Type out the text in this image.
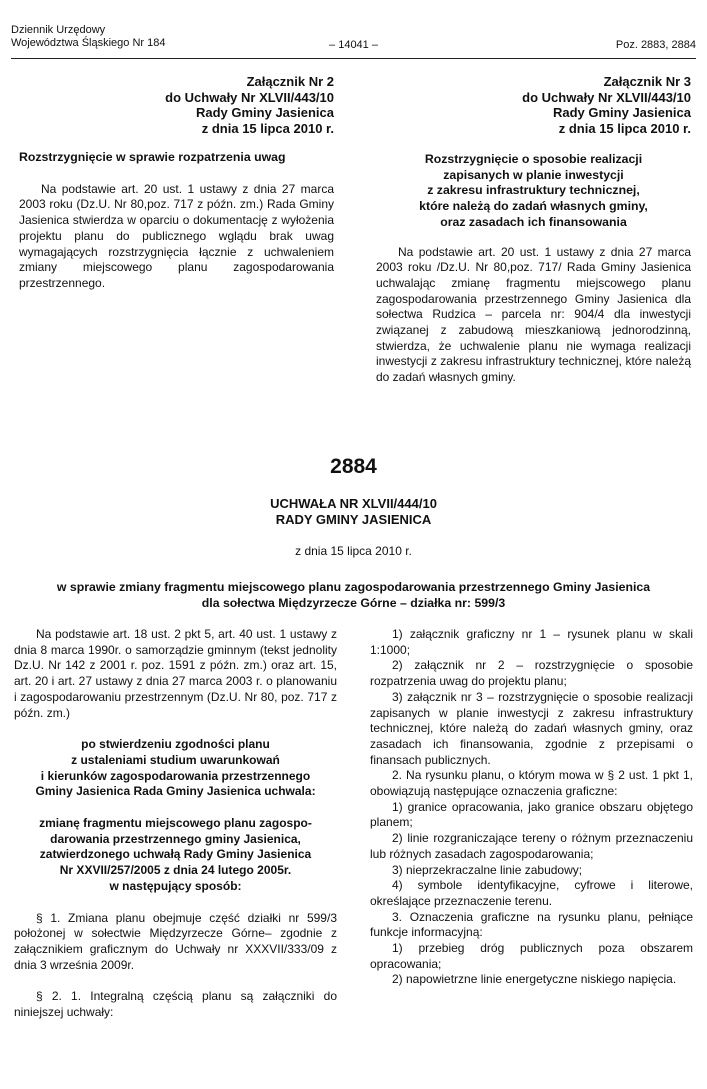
Dziennik Urzędowy
Województwa Śląskiego Nr 184	– 14041 –	Poz. 2883, 2884
Załącznik Nr 2
do Uchwały Nr XLVII/443/10
Rady Gminy Jasienica
z dnia 15 lipca 2010 r.

Rozstrzygnięcie w sprawie rozpatrzenia uwag

Na podstawie art. 20 ust. 1 ustawy z dnia 27 marca 2003 roku (Dz.U. Nr 80,poz. 717 z późn. zm.) Rada Gminy Jasienica stwierdza w oparciu o dokumentację z wyłożenia projektu planu do publicznego wglądu brak uwag wymagających rozstrzygnięcia łącznie z uchwaleniem zmiany miejscowego planu zagospodarowania przestrzennego.

Załącznik Nr 3
do Uchwały Nr XLVII/443/10
Rady Gminy Jasienica
z dnia 15 lipca 2010 r.
Rozstrzygnięcie o sposobie realizacji
zapisanych w planie inwestycji
z zakresu infrastruktury technicznej,
które należą do zadań własnych gminy,
oraz zasadach ich finansowania

Na podstawie art. 20 ust. 1 ustawy z dnia 27 marca 2003 roku /Dz.U. Nr 80,poz. 717/ Rada Gminy Jasienica uchwalając zmianę fragmentu miejscowego planu zagospodarowania przestrzennego Gminy Jasienica dla sołectwa Rudzica – parcela nr: 904/4 dla inwestycji związanej z zabudową mieszkaniową jednorodzinną, stwierdza, że uchwalenie planu nie wymaga realizacji inwestycji z zakresu infrastruktury technicznej, które należą do zadań własnych gminy.

2884
UCHWAŁA NR XLVII/444/10
RADY GMINY JASIENICA
z dnia 15 lipca 2010 r.
w sprawie zmiany fragmentu miejscowego planu zagospodarowania przestrzennego Gminy Jasienica
dla sołectwa Międzyrzecze Górne – działka nr: 599/3

Na podstawie art. 18 ust. 2 pkt 5, art. 40 ust. 1 ustawy z dnia 8 marca 1990r. o samorządzie gminnym (tekst jednolity Dz.U. Nr 142 z 2001 r. poz. 1591 z późn. zm.) oraz art. 15, art. 20 i art. 27 ustawy z dnia 27 marca 2003 r. o planowaniu i zagospodarowaniu przestrzennym (Dz.U. Nr 80, poz. 717 z późn. zm.)

po stwierdzeniu zgodności planu
z ustaleniami studium uwarunkowań
i kierunków zagospodarowania przestrzennego
Gminy Jasienica Rada Gminy Jasienica uchwala:
zmianę fragmentu miejscowego planu zagospo-
darowania przestrzennego gminy Jasienica,
zatwierdzonego uchwałą Rady Gminy Jasienica
Nr XXVII/257/2005 z dnia 24 lutego 2005r.
w następujący sposób:

§ 1. Zmiana planu obejmuje część działki nr 599/3 położonej w sołectwie Międzyrzecze Górne– zgodnie z załącznikiem graficznym do Uchwały nr XXXVII/333/09 z dnia 3 września 2009r.

§ 2. 1. Integralną częścią planu są załączniki do niniejszej uchwały:

1) załącznik graficzny nr 1 – rysunek planu w skali 1:1000;

2) załącznik nr 2 – rozstrzygnięcie o sposobie rozpatrzenia uwag do projektu planu;

3) załącznik nr 3 – rozstrzygnięcie o sposobie realizacji zapisanych w planie inwestycji z zakresu infrastruktury technicznej, które należą do zadań własnych gminy, oraz zasadach ich finansowania, zgodnie z przepisami o finansach publicznych.

2. Na rysunku planu, o którym mowa w § 2 ust. 1 pkt 1, obowiązują następujące oznaczenia graficzne:

1) granice opracowania, jako granice obszaru objętego planem;

2) linie rozgraniczające tereny o różnym przeznaczeniu lub różnych zasadach zagospodarowania;

3) nieprzekraczalne linie zabudowy;

4) symbole identyfikacyjne, cyfrowe i literowe, określające przeznaczenie terenu.

3. Oznaczenia graficzne na rysunku planu, pełniące funkcje informacyjną:

1) przebieg dróg publicznych poza obszarem opracowania;

2) napowietrzne linie energetyczne niskiego napięcia.
